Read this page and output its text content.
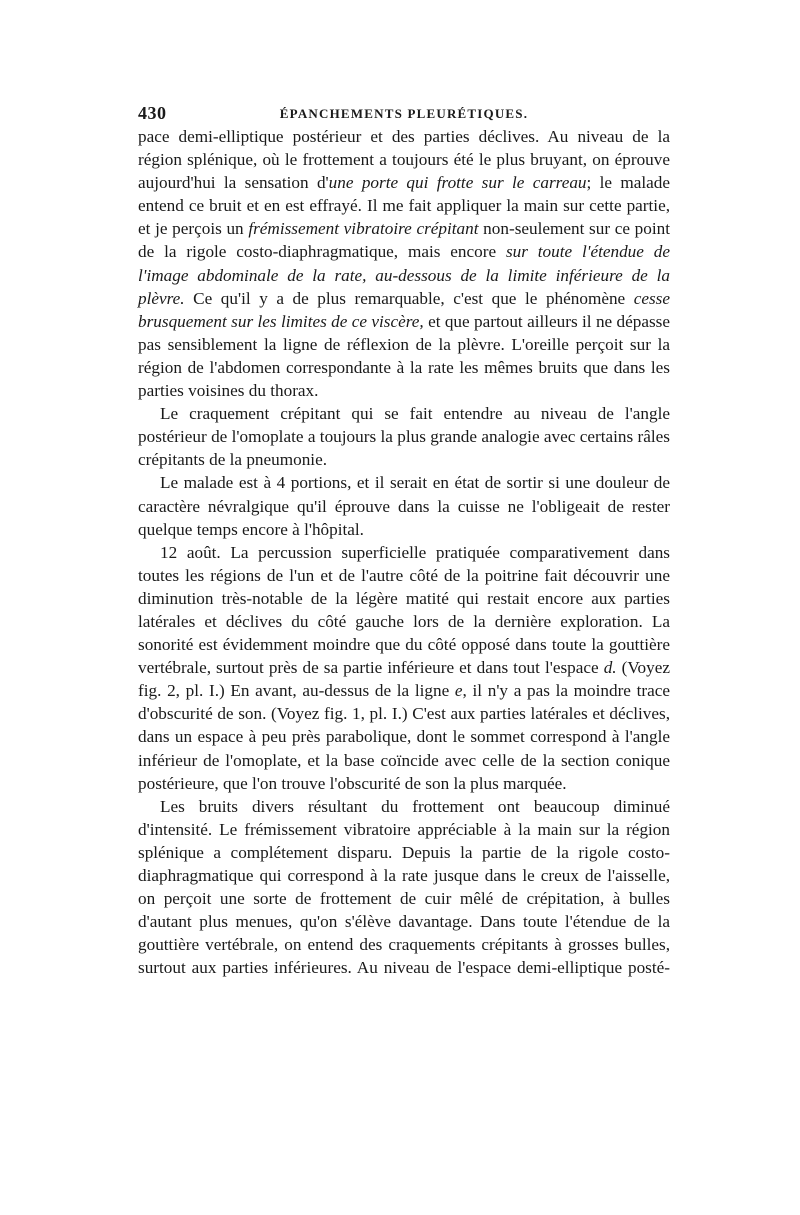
430	ÉPANCHEMENTS PLEURÉTIQUES.

pace demi-elliptique postérieur et des parties déclives. Au niveau de la région splénique, où le frottement a toujours été le plus bruyant, on éprouve aujourd'hui la sensation d'une porte qui frotte sur le carreau; le malade entend ce bruit et en est effrayé. Il me fait appliquer la main sur cette partie, et je perçois un frémissement vibratoire crépitant non-seulement sur ce point de la rigole costo-diaphragmatique, mais encore sur toute l'étendue de l'image abdominale de la rate, au-dessous de la limite inférieure de la plèvre. Ce qu'il y a de plus remarquable, c'est que le phénomène cesse brusquement sur les limites de ce viscère, et que partout ailleurs il ne dépasse pas sensiblement la ligne de réflexion de la plèvre. L'oreille perçoit sur la région de l'abdomen correspondante à la rate les mêmes bruits que dans les parties voisines du thorax.

Le craquement crépitant qui se fait entendre au niveau de l'angle postérieur de l'omoplate a toujours la plus grande analogie avec certains râles crépitants de la pneumonie.

Le malade est à 4 portions, et il serait en état de sortir si une douleur de caractère névralgique qu'il éprouve dans la cuisse ne l'obligeait de rester quelque temps encore à l'hôpital.

12 août. La percussion superficielle pratiquée comparativement dans toutes les régions de l'un et de l'autre côté de la poitrine fait découvrir une diminution très-notable de la légère matité qui restait encore aux parties latérales et déclives du côté gauche lors de la dernière exploration. La sonorité est évidemment moindre que du côté opposé dans toute la gouttière vertébrale, surtout près de sa partie inférieure et dans tout l'espace d. (Voyez fig. 2, pl. I.) En avant, au-dessus de la ligne e, il n'y a pas la moindre trace d'obscurité de son. (Voyez fig. 1, pl. I.) C'est aux parties latérales et déclives, dans un espace à peu près parabolique, dont le sommet correspond à l'angle inférieur de l'omoplate, et la base coïncide avec celle de la section conique postérieure, que l'on trouve l'obscurité de son la plus marquée.

Les bruits divers résultant du frottement ont beaucoup diminué d'intensité. Le frémissement vibratoire appréciable à la main sur la région splénique a complétement disparu. Depuis la partie de la rigole costo-diaphragmatique qui correspond à la rate jusque dans le creux de l'aisselle, on perçoit une sorte de frottement de cuir mêlé de crépitation, à bulles d'autant plus menues, qu'on s'élève davantage. Dans toute l'étendue de la gouttière vertébrale, on entend des craquements crépitants à grosses bulles, surtout aux parties inférieures. Au niveau de l'espace demi-elliptique posté-
